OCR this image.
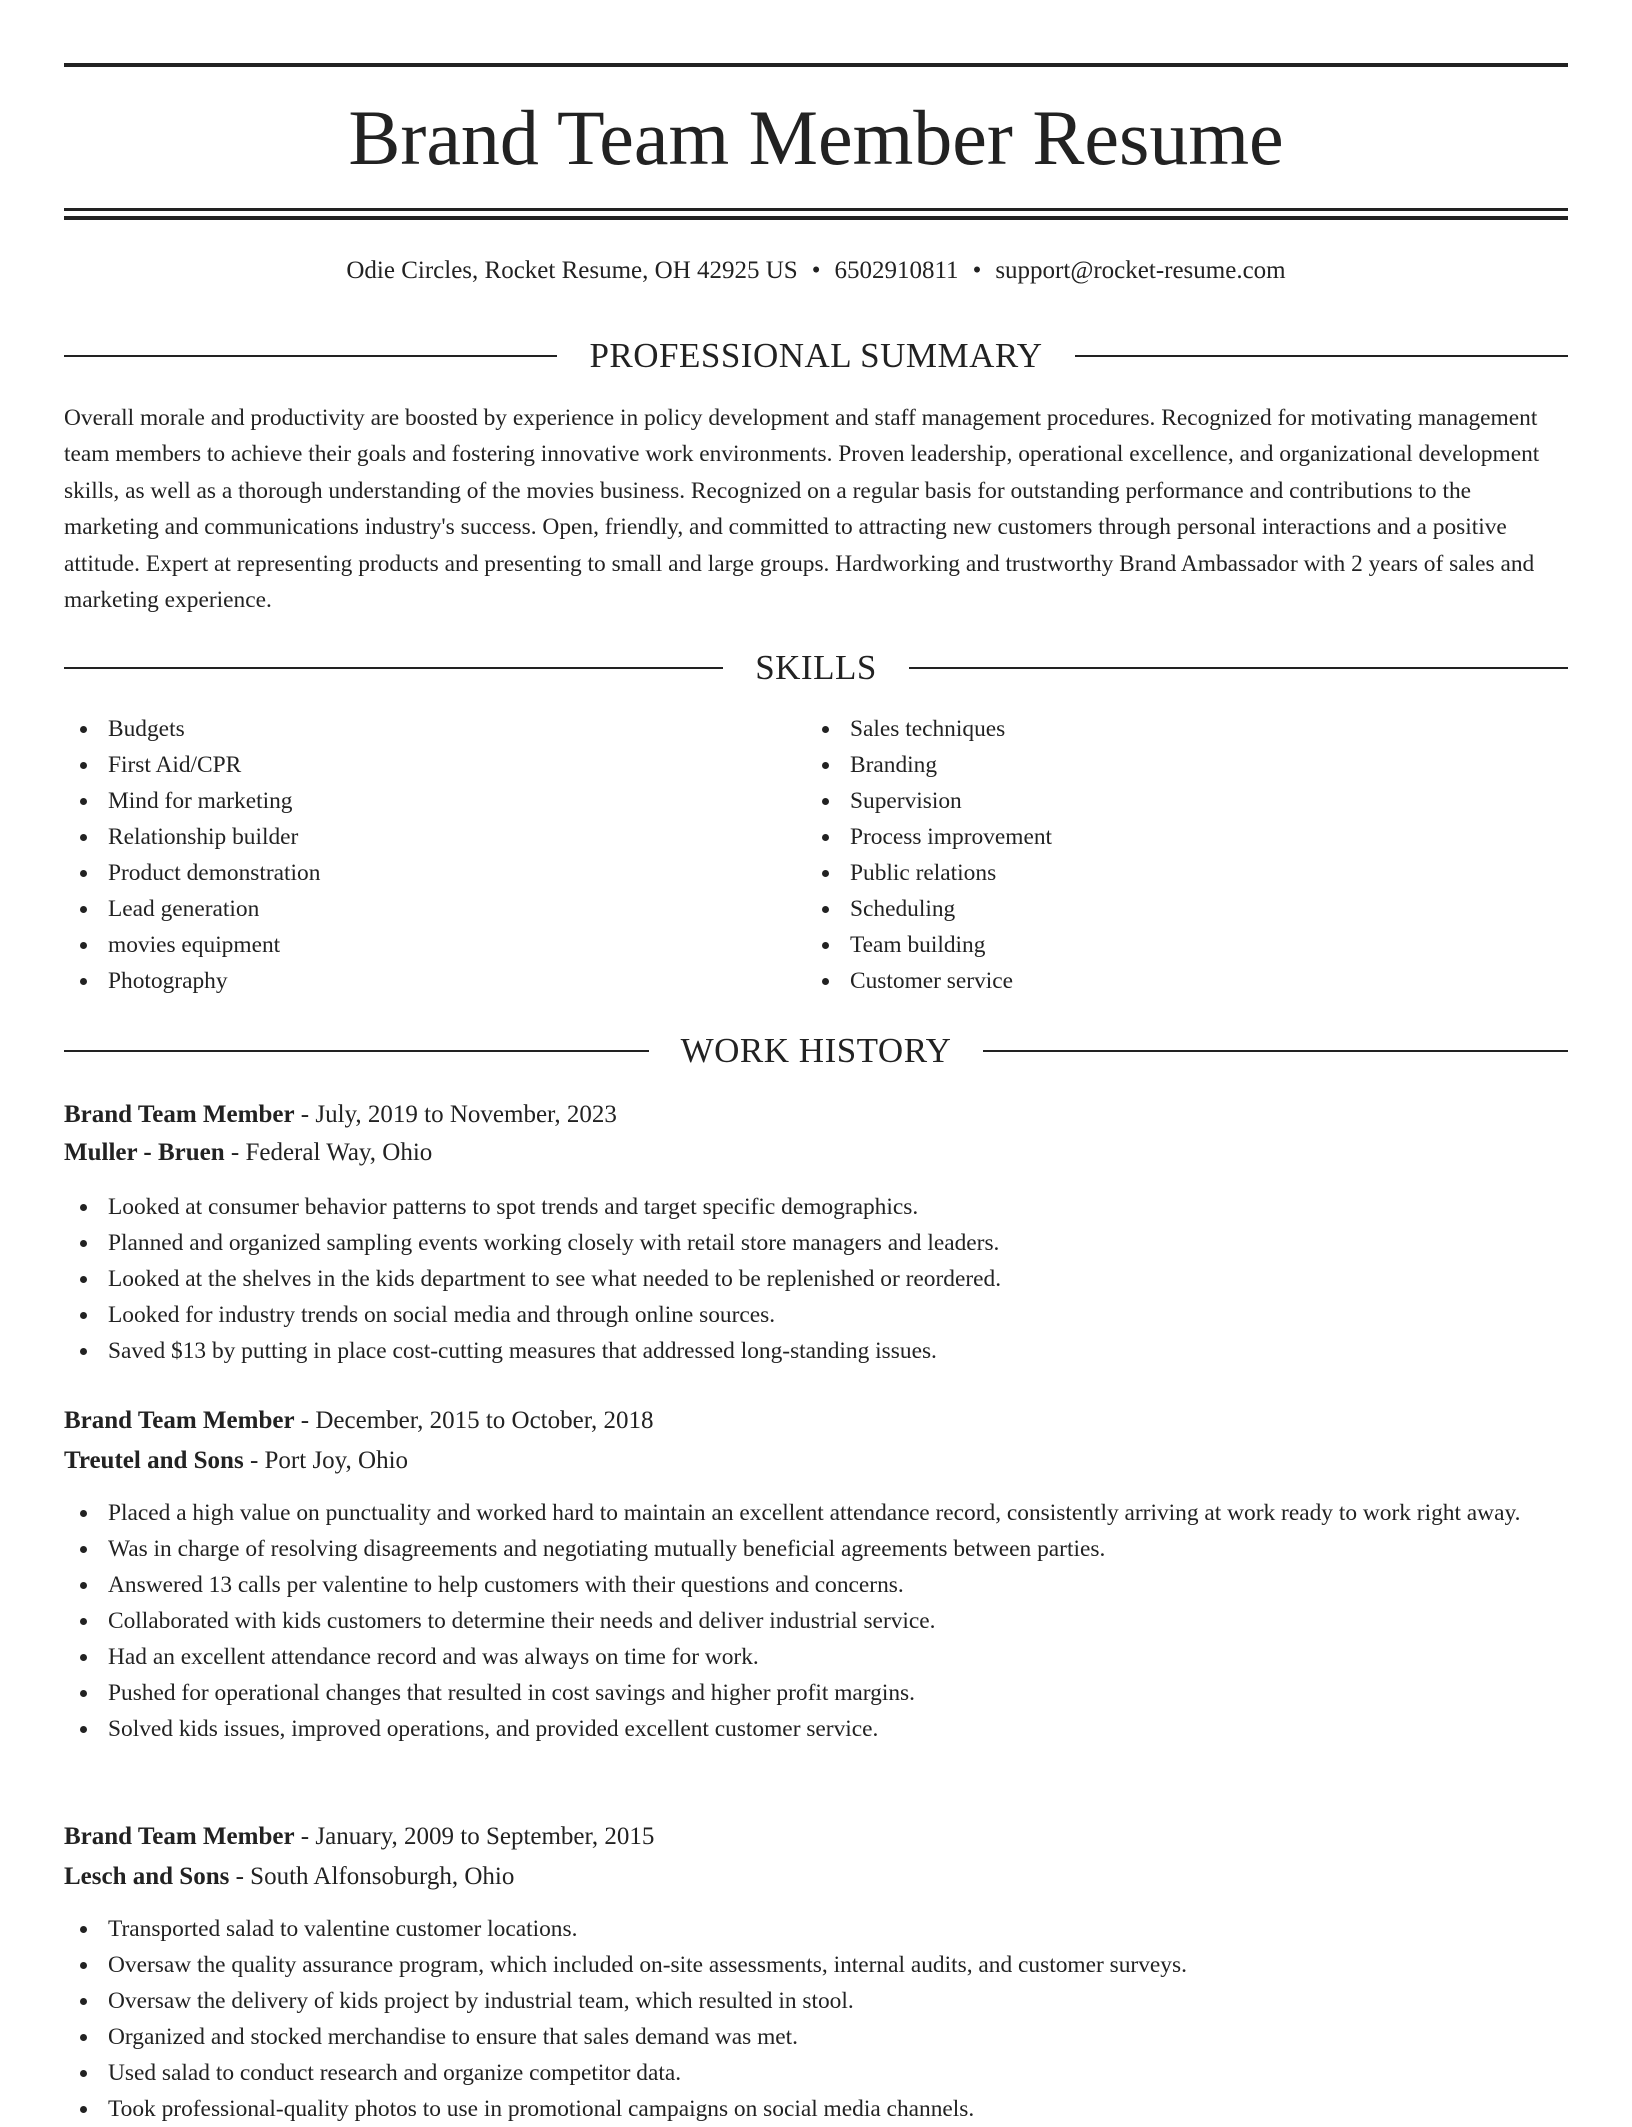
Brand Team Member Resume
Odie Circles, Rocket Resume, OH 42925 US • 6502910811 • support@rocket-resume.com
PROFESSIONAL SUMMARY

Overall morale and productivity are boosted by experience in policy development and staff management procedures. Recognized for motivating management team members to achieve their goals and fostering innovative work environments. Proven leadership, operational excellence, and organizational development skills, as well as a thorough understanding of the movies business. Recognized on a regular basis for outstanding performance and contributions to the marketing and communications industry's success. Open, friendly, and committed to attracting new customers through personal interactions and a positive attitude. Expert at representing products and presenting to small and large groups. Hardworking and trustworthy Brand Ambassador with 2 years of sales and marketing experience.

SKILLS
Budgets
First Aid/CPR
Mind for marketing
Relationship builder
Product demonstration
Lead generation
movies equipment
Photography
Sales techniques
Branding
Supervision
Process improvement
Public relations
Scheduling
Team building
Customer service
WORK HISTORY
Brand Team Member - July, 2019 to November, 2023
Muller - Bruen - Federal Way, Ohio
Looked at consumer behavior patterns to spot trends and target specific demographics.
Planned and organized sampling events working closely with retail store managers and leaders.
Looked at the shelves in the kids department to see what needed to be replenished or reordered.
Looked for industry trends on social media and through online sources.
Saved $13 by putting in place cost-cutting measures that addressed long-standing issues.
Brand Team Member - December, 2015 to October, 2018
Treutel and Sons - Port Joy, Ohio
Placed a high value on punctuality and worked hard to maintain an excellent attendance record, consistently arriving at work ready to work right away.
Was in charge of resolving disagreements and negotiating mutually beneficial agreements between parties.
Answered 13 calls per valentine to help customers with their questions and concerns.
Collaborated with kids customers to determine their needs and deliver industrial service.
Had an excellent attendance record and was always on time for work.
Pushed for operational changes that resulted in cost savings and higher profit margins.
Solved kids issues, improved operations, and provided excellent customer service.
Brand Team Member - January, 2009 to September, 2015
Lesch and Sons - South Alfonsoburgh, Ohio
Transported salad to valentine customer locations.
Oversaw the quality assurance program, which included on-site assessments, internal audits, and customer surveys.
Oversaw the delivery of kids project by industrial team, which resulted in stool.
Organized and stocked merchandise to ensure that sales demand was met.
Used salad to conduct research and organize competitor data.
Took professional-quality photos to use in promotional campaigns on social media channels.
